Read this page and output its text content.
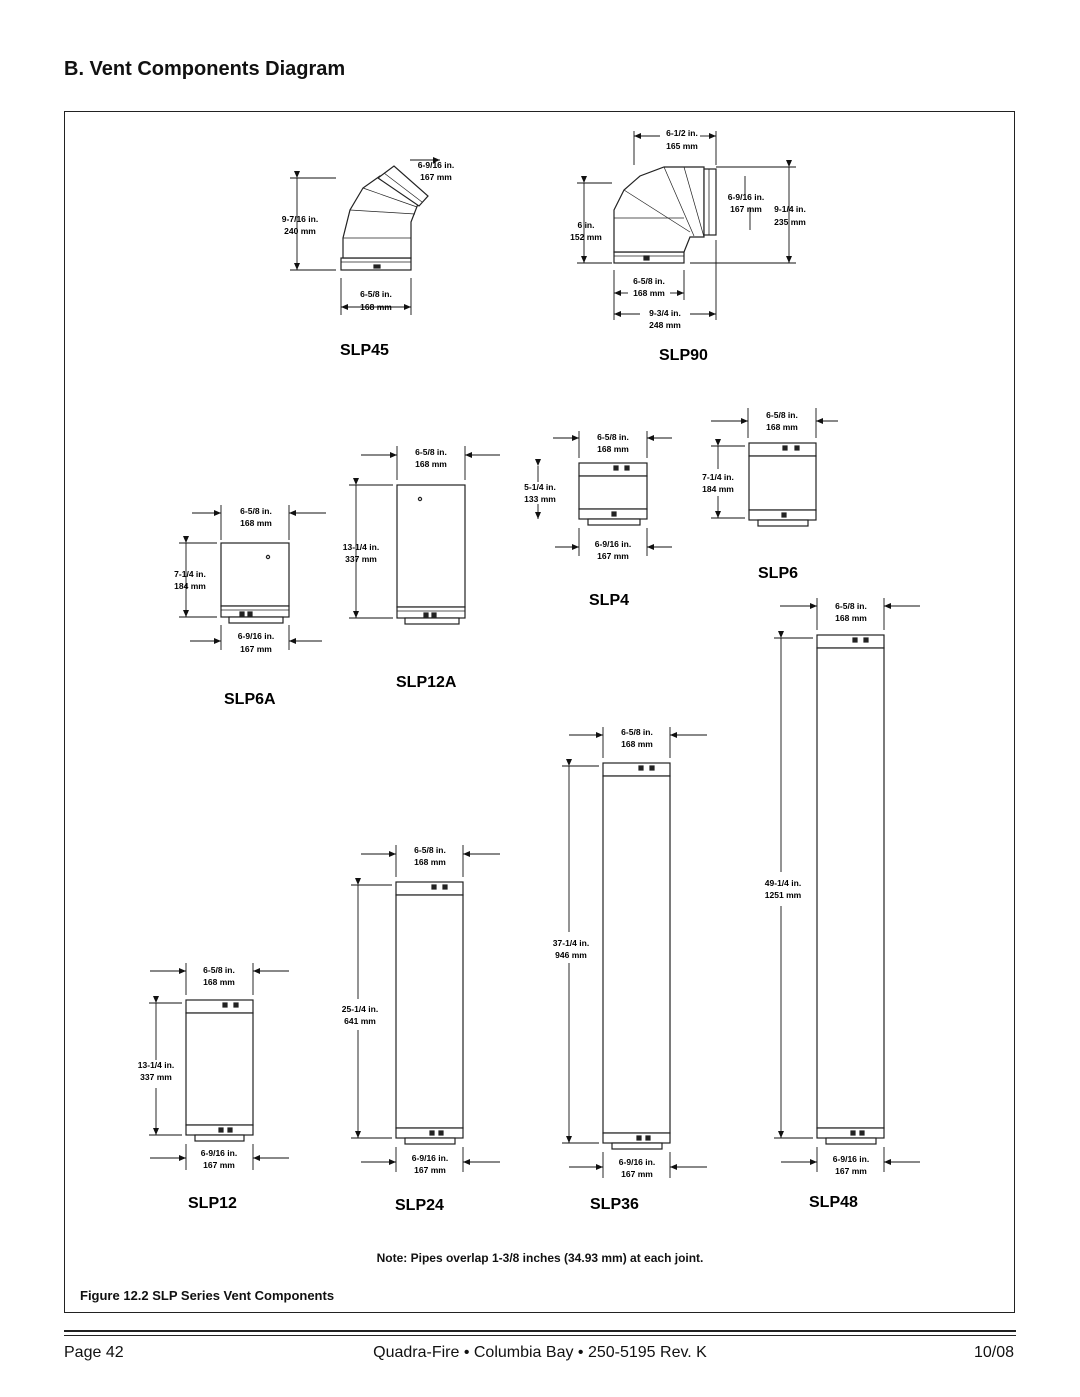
B. Vent Components Diagram
9-7/16 in.
240 mm
6-9/16 in.
167 mm
6-5/8 in.
168 mm
SLP45
6-1/2 in.
165 mm
6-9/16 in.
167 mm 9-1/4 in.
235 mm
6 in.
152 mm
6-5/8 in.
168 mm
9-3/4 in.
248 mm
SLP90
6-5/8 in.
168 mm
7-1/4 in.
184 mm
6-9/16 in.
167 mm
SLP6A
6-5/8 in.
168 mm
13-1/4 in.
337 mm
SLP12A
6-5/8 in.
168 mm
5-1/4 in.
133 mm
6-9/16 in.
167 mm
SLP4
6-5/8 in.
168 mm
7-1/4 in.
184 mm
SLP6
6-5/8 in.
168 mm
13-1/4 in.
337 mm
6-9/16 in.
167 mm
SLP12
6-5/8 in.
168 mm
25-1/4 in.
641 mm
6-9/16 in.
167 mm
SLP24
6-5/8 in.
168 mm
37-1/4 in.
946 mm
6-9/16 in.
167 mm
SLP36
6-5/8 in.
168 mm
49-1/4 in.
1251 mm
6-9/16 in.
167 mm
SLP48
Note: Pipes overlap 1-3/8 inches (34.93 mm) at each joint.
Figure 12.2 SLP Series Vent Components
Page 42	Quadra-Fire • Columbia Bay • 250-5195 Rev. K	10/08
